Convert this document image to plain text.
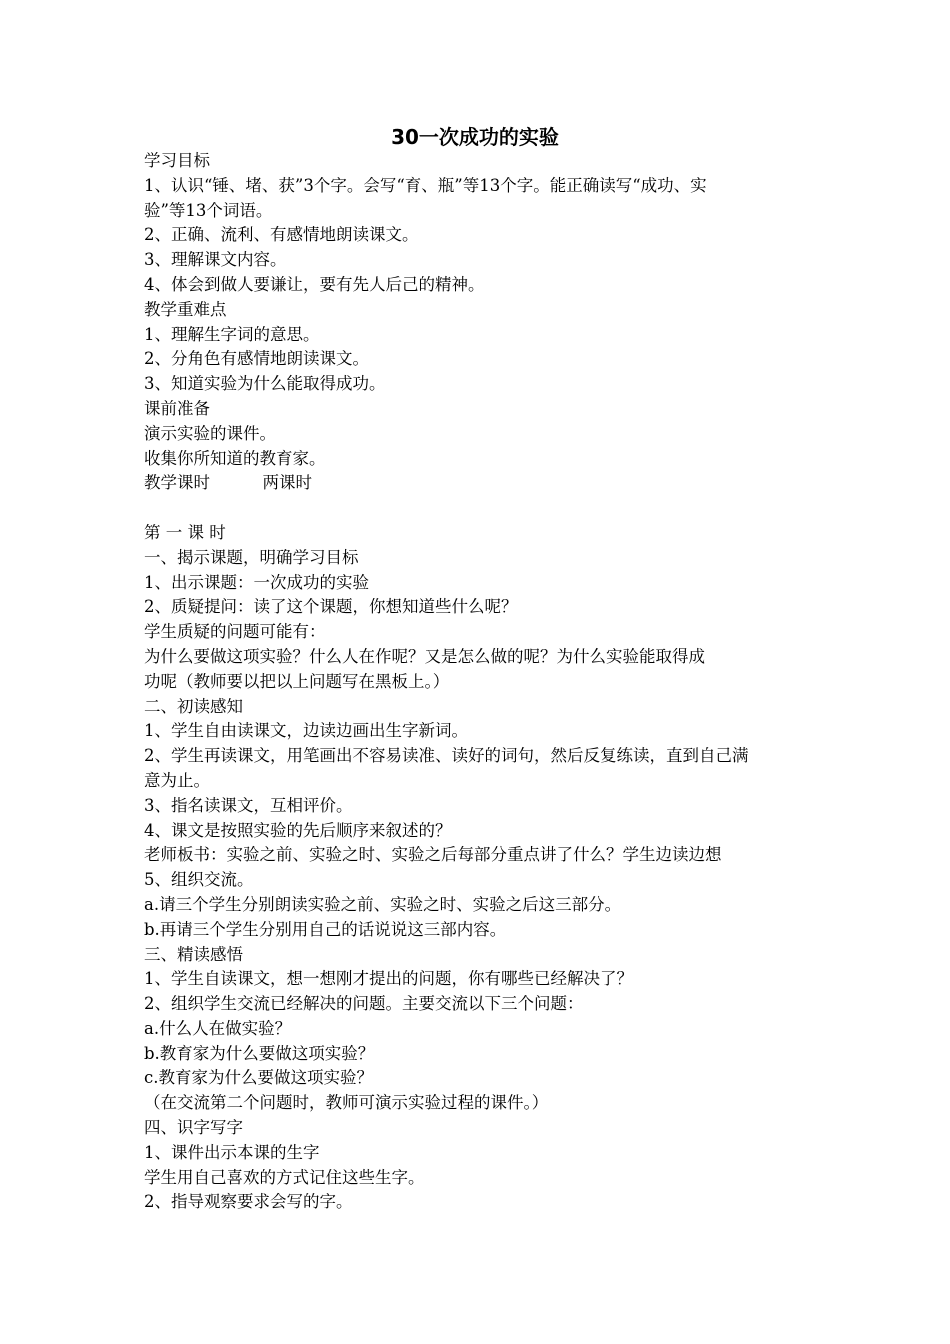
30一次成功的实验
学习目标
1、认识“锤、堵、获”3个字。会写“育、瓶”等13个字。能正确读写“成功、实
验”等13个词语。
2、正确、流利、有感情地朗读课文。
3、理解课文内容。
4、体会到做人要谦让，要有先人后己的精神。
教学重难点
1、理解生字词的意思。
2、分角色有感情地朗读课文。
3、知道实验为什么能取得成功。
课前准备
演示实验的课件。
收集你所知道的教育家。
教学课时          两课时
第 一 课 时
一、揭示课题，明确学习目标
1、出示课题：一次成功的实验
2、质疑提问：读了这个课题，你想知道些什么呢？
学生质疑的问题可能有：
为什么要做这项实验？什么人在作呢？又是怎么做的呢？为什么实验能取得成
功呢（教师要以把以上问题写在黑板上。）
二、初读感知
1、学生自由读课文，边读边画出生字新词。
2、学生再读课文，用笔画出不容易读准、读好的词句，然后反复练读，直到自己满
意为止。
3、指名读课文，互相评价。
4、课文是按照实验的先后顺序来叙述的？
老师板书：实验之前、实验之时、实验之后每部分重点讲了什么？学生边读边想
5、组织交流。
a.请三个学生分别朗读实验之前、实验之时、实验之后这三部分。
b.再请三个学生分别用自己的话说说这三部内容。
三、精读感悟
1、学生自读课文，想一想刚才提出的问题，你有哪些已经解决了？
2、组织学生交流已经解决的问题。主要交流以下三个问题：
a.什么人在做实验？
b.教育家为什么要做这项实验？
c.教育家为什么要做这项实验？
（在交流第二个问题时，教师可演示实验过程的课件。）
四、识字写字
1、课件出示本课的生字
学生用自己喜欢的方式记住这些生字。
2、指导观察要求会写的字。
